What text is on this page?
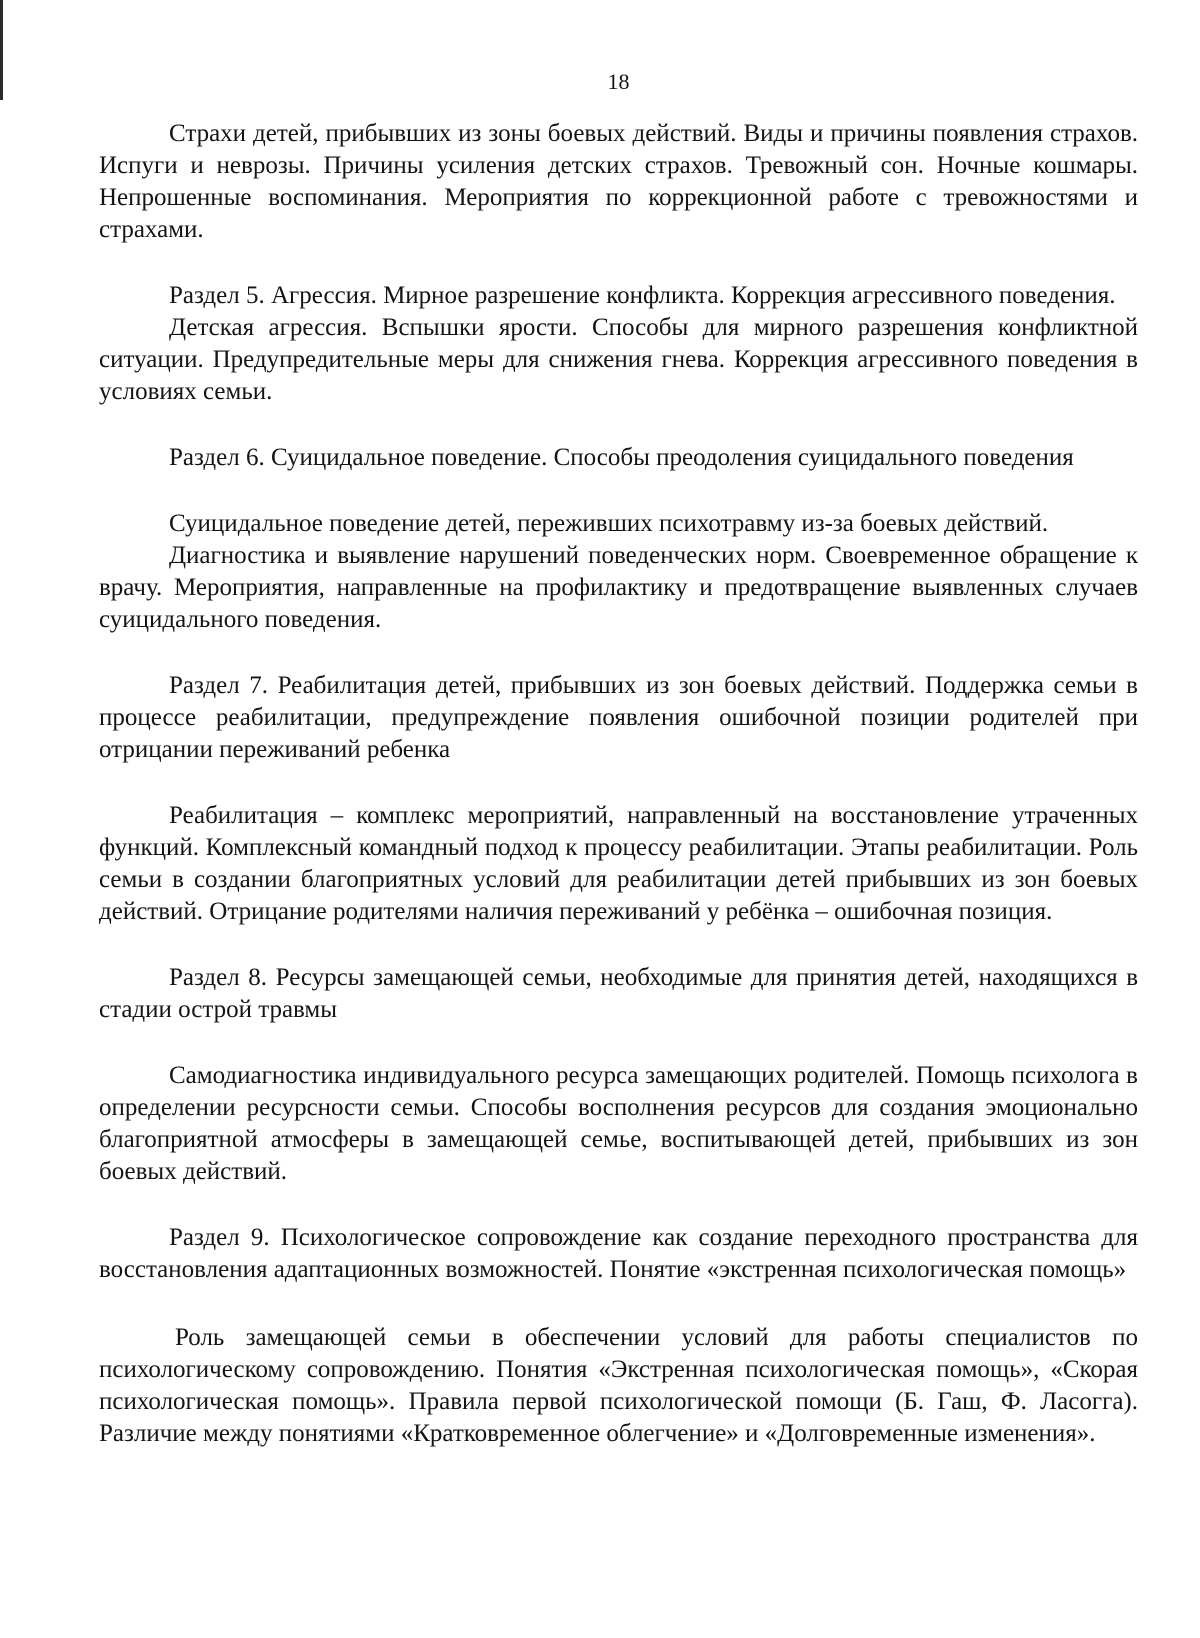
18

Страхи детей, прибывших из зоны боевых действий. Виды и причины появления страхов. Испуги и неврозы. Причины усиления детских страхов. Тревожный сон. Ночные кошмары. Непрошенные воспоминания. Мероприятия по коррекционной работе с тревожностями и страхами.

Раздел 5. Агрессия. Мирное разрешение конфликта. Коррекция агрессивного поведения.

Детская агрессия. Вспышки ярости. Способы для мирного разрешения конфликтной ситуации. Предупредительные меры для снижения гнева. Коррекция агрессивного поведения в условиях семьи.

Раздел 6. Суицидальное поведение. Способы преодоления суицидального поведения

Суицидальное поведение детей, переживших психотравму из-за боевых действий.

Диагностика и выявление нарушений поведенческих норм. Своевременное обращение к врачу. Мероприятия, направленные на профилактику и предотвращение выявленных случаев суицидального поведения.

Раздел 7. Реабилитация детей, прибывших из зон боевых действий. Поддержка семьи в процессе реабилитации, предупреждение появления ошибочной позиции родителей при отрицании переживаний ребенка

Реабилитация – комплекс мероприятий, направленный на восстановление утраченных функций. Комплексный командный подход к процессу реабилитации. Этапы реабилитации. Роль семьи в создании благоприятных условий для реабилитации детей прибывших из зон боевых действий. Отрицание родителями наличия переживаний у ребёнка – ошибочная позиция.

Раздел 8. Ресурсы замещающей семьи, необходимые для принятия детей, находящихся в стадии острой травмы

Самодиагностика индивидуального ресурса замещающих родителей. Помощь психолога в определении ресурсности семьи. Способы восполнения ресурсов для создания эмоционально благоприятной атмосферы в замещающей семье, воспитывающей детей, прибывших из зон боевых действий.

Раздел 9. Психологическое сопровождение как создание переходного пространства для восстановления адаптационных возможностей. Понятие «экстренная психологическая помощь»

Роль замещающей семьи в обеспечении условий для работы специалистов по психологическому сопровождению. Понятия «Экстренная психологическая помощь», «Скорая психологическая помощь». Правила первой психологической помощи (Б. Гаш, Ф. Ласогга). Различие между понятиями «Кратковременное облегчение» и «Долговременные изменения».
